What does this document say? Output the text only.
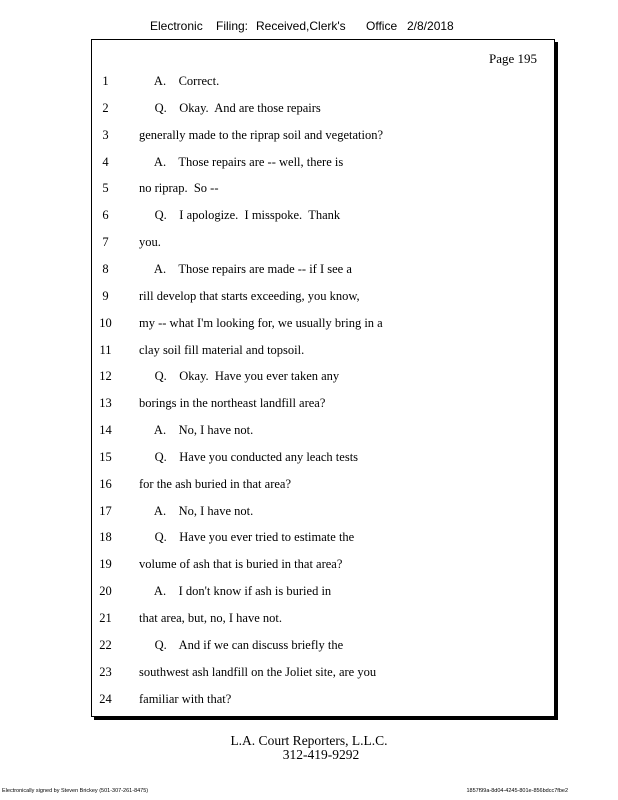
Electronic Filing: Received,Clerk's Office 2/8/2018
Page 195
1	A.    Correct.
2	Q.    Okay.  And are those repairs
3	generally made to the riprap soil and vegetation?
4	A.    Those repairs are -- well, there is
5	no riprap.  So --
6	Q.    I apologize.  I misspoke.  Thank
7	you.
8	A.    Those repairs are made -- if I see a
9	rill develop that starts exceeding, you know,
10	my -- what I'm looking for, we usually bring in a
11	clay soil fill material and topsoil.
12	Q.    Okay.  Have you ever taken any
13	borings in the northeast landfill area?
14	A.    No, I have not.
15	Q.    Have you conducted any leach tests
16	for the ash buried in that area?
17	A.    No, I have not.
18	Q.    Have you ever tried to estimate the
19	volume of ash that is buried in that area?
20	A.    I don't know if ash is buried in
21	that area, but, no, I have not.
22	Q.    And if we can discuss briefly the
23	southwest ash landfill on the Joliet site, are you
24	familiar with that?
L.A. Court Reporters, L.L.C.
312-419-9292
Electronically signed by Steven Brickey (501-307-261-8475)	1857f99a-8d04-4245-801e-856bdcc7fbe2
